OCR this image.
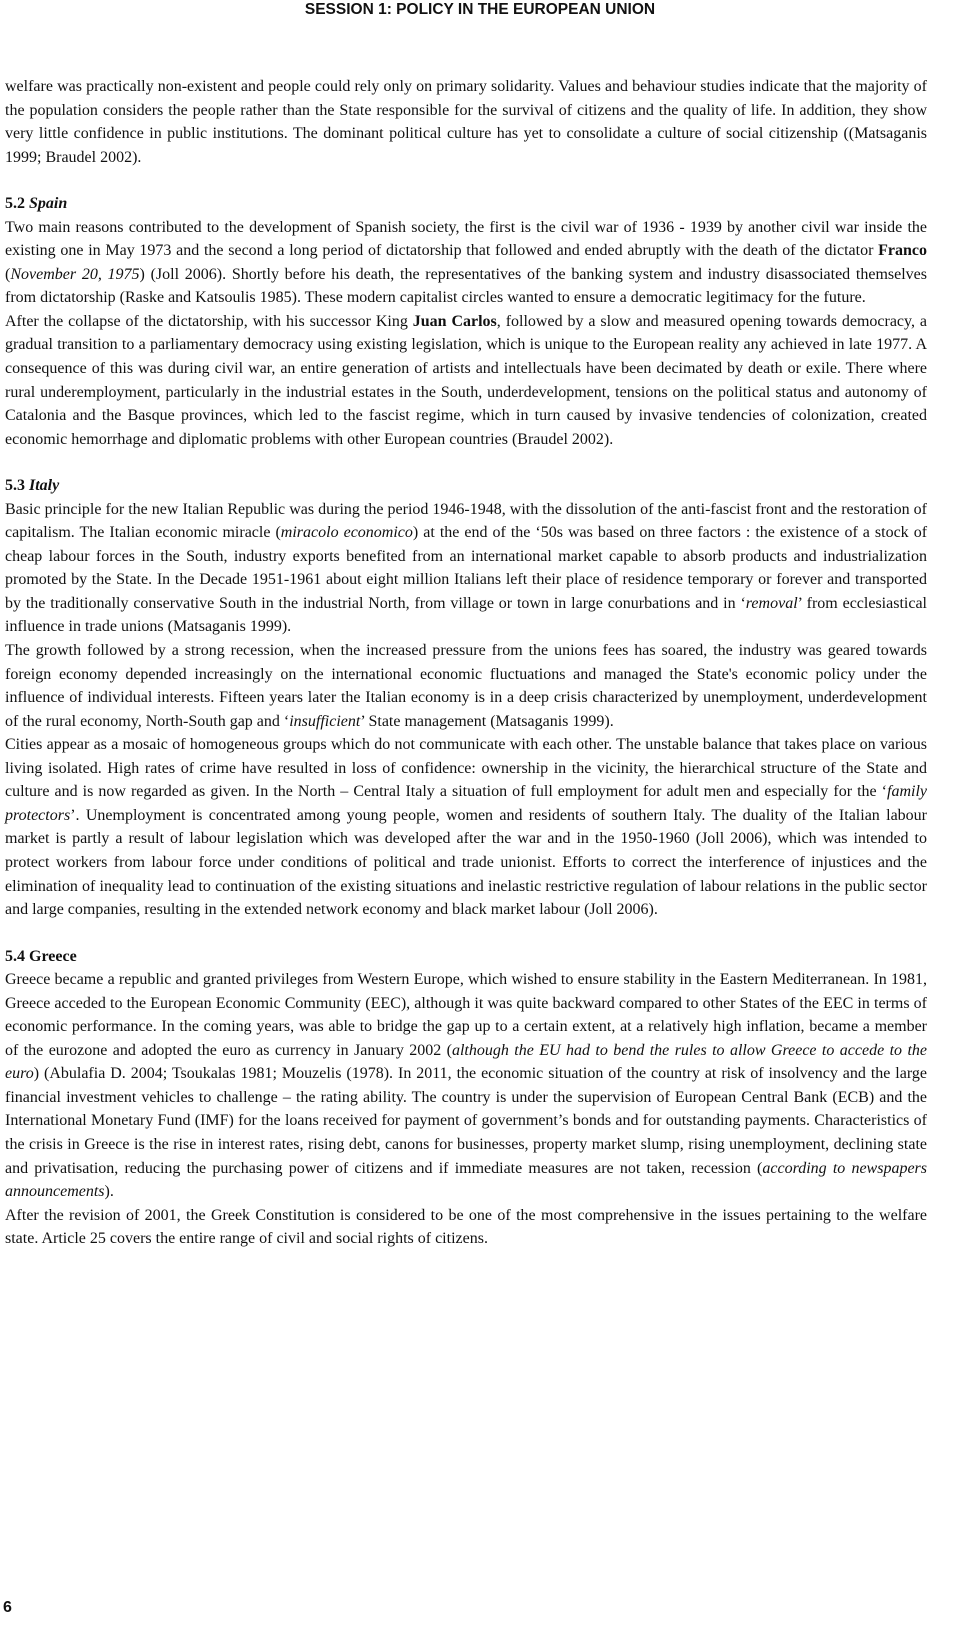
SESSION 1: POLICY IN THE EUROPEAN UNION

welfare was practically non-existent and people could rely only on primary solidarity. Values and behaviour studies indicate that the majority of the population considers the people rather than the State responsible for the survival of citizens and the quality of life. In addition, they show very little confidence in public institutions. The dominant political culture has yet to consolidate a culture of social citizenship ((Matsaganis 1999; Braudel 2002).

5.2 Spain

Two main reasons contributed to the development of Spanish society, the first is the civil war of 1936 - 1939 by another civil war inside the existing one in May 1973 and the second a long period of dictatorship that followed and ended abruptly with the death of the dictator Franco (November 20, 1975) (Joll 2006). Shortly before his death, the representatives of the banking system and industry disassociated themselves from dictatorship (Raske and Katsoulis 1985). These modern capitalist circles wanted to ensure a democratic legitimacy for the future.

After the collapse of the dictatorship, with his successor King Juan Carlos, followed by a slow and measured opening towards democracy, a gradual transition to a parliamentary democracy using existing legislation, which is unique to the European reality any achieved in late 1977. A consequence of this was during civil war, an entire generation of artists and intellectuals have been decimated by death or exile. There where rural underemployment, particularly in the industrial estates in the South, underdevelopment, tensions on the political status and autonomy of Catalonia and the Basque provinces, which led to the fascist regime, which in turn caused by invasive tendencies of colonization, created economic hemorrhage and diplomatic problems with other European countries (Braudel 2002).

5.3 Italy

Basic principle for the new Italian Republic was during the period 1946-1948, with the dissolution of the anti-fascist front and the restoration of capitalism. The Italian economic miracle (miracolo economico) at the end of the ‘50s was based on three factors : the existence of a stock of cheap labour forces in the South, industry exports benefited from an international market capable to absorb products and industrialization promoted by the State. In the Decade 1951-1961 about eight million Italians left their place of residence temporary or forever and transported by the traditionally conservative South in the industrial North, from village or town in large conurbations and in ‘removal’ from ecclesiastical influence in trade unions (Matsaganis 1999).

The growth followed by a strong recession, when the increased pressure from the unions fees has soared, the industry was geared towards foreign economy depended increasingly on the international economic fluctuations and managed the State's economic policy under the influence of individual interests. Fifteen years later the Italian economy is in a deep crisis characterized by unemployment, underdevelopment of the rural economy, North-South gap and ‘insufficient’ State management (Matsaganis 1999).

Cities appear as a mosaic of homogeneous groups which do not communicate with each other. The unstable balance that takes place on various living isolated. High rates of crime have resulted in loss of confidence: ownership in the vicinity, the hierarchical structure of the State and culture and is now regarded as given. In the North – Central Italy a situation of full employment for adult men and especially for the ‘family protectors’. Unemployment is concentrated among young people, women and residents of southern Italy. The duality of the Italian labour market is partly a result of labour legislation which was developed after the war and in the 1950-1960 (Joll 2006), which was intended to protect workers from labour force under conditions of political and trade unionist. Efforts to correct the interference of injustices and the elimination of inequality lead to continuation of the existing situations and inelastic restrictive regulation of labour relations in the public sector and large companies, resulting in the extended network economy and black market labour (Joll 2006).

5.4 Greece

Greece became a republic and granted privileges from Western Europe, which wished to ensure stability in the Eastern Mediterranean. In 1981, Greece acceded to the European Economic Community (EEC), although it was quite backward compared to other States of the EEC in terms of economic performance. In the coming years, was able to bridge the gap up to a certain extent, at a relatively high inflation, became a member of the eurozone and adopted the euro as currency in January 2002 (although the EU had to bend the rules to allow Greece to accede to the euro) (Abulafia D. 2004; Tsoukalas 1981; Mouzelis (1978). In 2011, the economic situation of the country at risk of insolvency and the large financial investment vehicles to challenge – the rating ability. The country is under the supervision of European Central Bank (ECB) and the International Monetary Fund (IMF) for the loans received for payment of government’s bonds and for outstanding payments. Characteristics of the crisis in Greece is the rise in interest rates, rising debt, canons for businesses, property market slump, rising unemployment, declining state and privatisation, reducing the purchasing power of citizens and if immediate measures are not taken, recession (according to newspapers announcements).

After the revision of 2001, the Greek Constitution is considered to be one of the most comprehensive in the issues pertaining to the welfare state. Article 25 covers the entire range of civil and social rights of citizens.

6
